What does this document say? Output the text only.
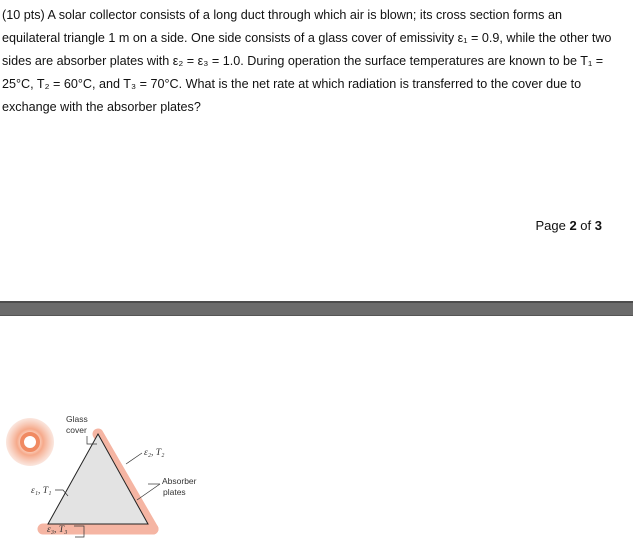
(10 pts) A solar collector consists of a long duct through which air is blown; its cross section forms an equilateral triangle 1 m on a side. One side consists of a glass cover of emissivity ε₁ = 0.9, while the other two sides are absorber plates with ε₂ = ε₃ = 1.0. During operation the surface temperatures are known to be T₁ = 25°C, T₂ = 60°C, and T₃ = 70°C. What is the net rate at which radiation is transferred to the cover due to exchange with the absorber plates?

Page 2 of 3
Glass
cover
ε₂, T₂
Absorber
plates
ε₁, T₁
ε₃, T₃
